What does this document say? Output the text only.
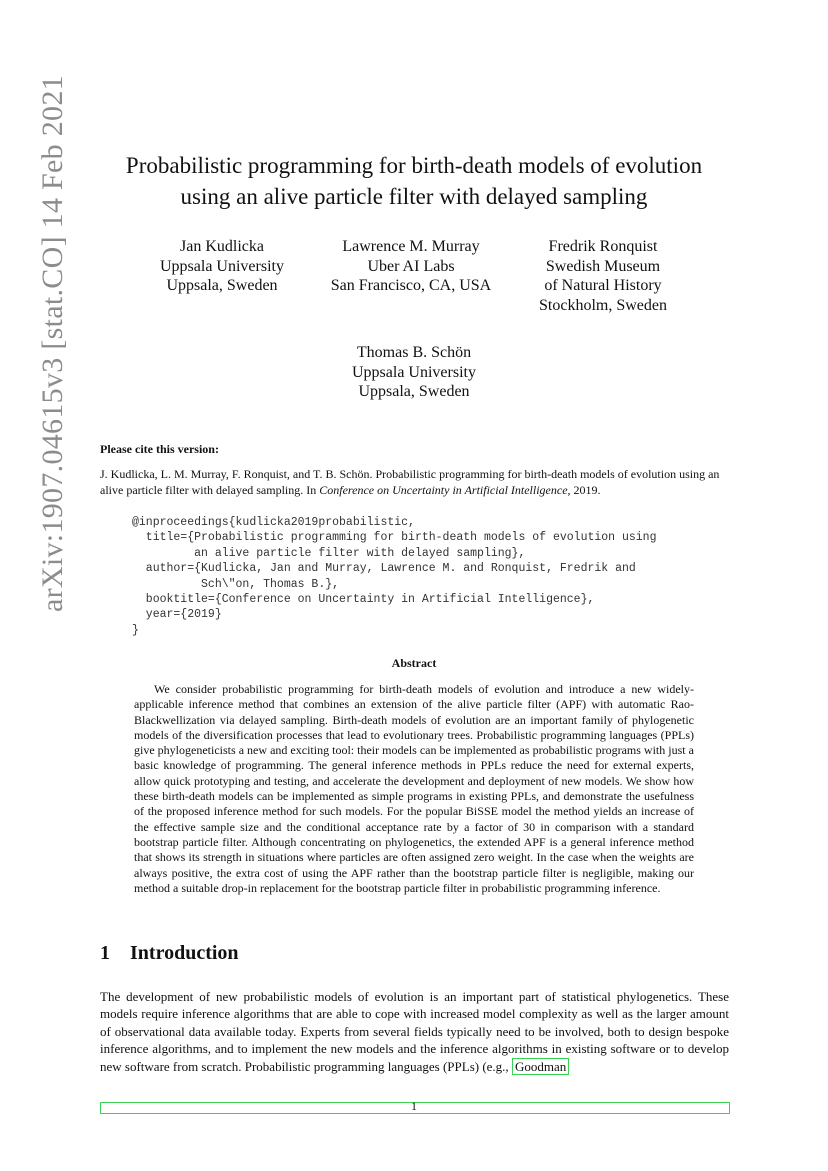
arXiv:1907.04615v3 [stat.CO] 14 Feb 2021	Probabilistic programming for birth-death models of evolution
using an alive particle filter with delayed sampling
Jan Kudlicka
Uppsala University
Uppsala, Sweden
Lawrence M. Murray
Uber AI Labs
San Francisco, CA, USA
Fredrik Ronquist
Swedish Museum
of Natural History
Stockholm, Sweden
Thomas B. Schön
Uppsala University
Uppsala, Sweden
Please cite this version:
J. Kudlicka, L. M. Murray, F. Ronquist, and T. B. Schön. Probabilistic programming for birth-death models of evolution using an alive particle filter with delayed sampling. In Conference on Uncertainty in Artificial Intelligence, 2019.
@inproceedings{kudlicka2019probabilistic,
title={Probabilistic programming for birth-death models of evolution using
an alive particle filter with delayed sampling},
author={Kudlicka, Jan and Murray, Lawrence M. and Ronquist, Fredrik and
Sch\"on, Thomas B.},
booktitle={Conference on Uncertainty in Artificial Intelligence},
year={2019}
}
Abstract

We consider probabilistic programming for birth-death models of evolution and introduce a new widely-applicable inference method that combines an extension of the alive particle filter (APF) with automatic Rao-Blackwellization via delayed sampling. Birth-death models of evolution are an important family of phylogenetic models of the diversification processes that lead to evolutionary trees. Probabilistic programming languages (PPLs) give phylogeneticists a new and exciting tool: their models can be implemented as probabilistic programs with just a basic knowledge of programming. The general inference methods in PPLs reduce the need for external experts, allow quick prototyping and testing, and accelerate the development and deployment of new models. We show how these birth-death models can be implemented as simple programs in existing PPLs, and demonstrate the usefulness of the proposed inference method for such models. For the popular BiSSE model the method yields an increase of the effective sample size and the conditional acceptance rate by a factor of 30 in comparison with a standard bootstrap particle filter. Although concentrating on phylogenetics, the extended APF is a general inference method that shows its strength in situations where particles are often assigned zero weight. In the case when the weights are always positive, the extra cost of using the APF rather than the bootstrap particle filter is negligible, making our method a suitable drop-in replacement for the bootstrap particle filter in probabilistic programming inference.

1 Introduction

The development of new probabilistic models of evolution is an important part of statistical phylogenetics. These models require inference algorithms that are able to cope with increased model complexity as well as the larger amount of observational data available today. Experts from several fields typically need to be involved, both to design bespoke inference algorithms, and to implement the new models and the inference algorithms in existing software or to develop new software from scratch. Probabilistic programming languages (PPLs) (e.g., Goodman

1
